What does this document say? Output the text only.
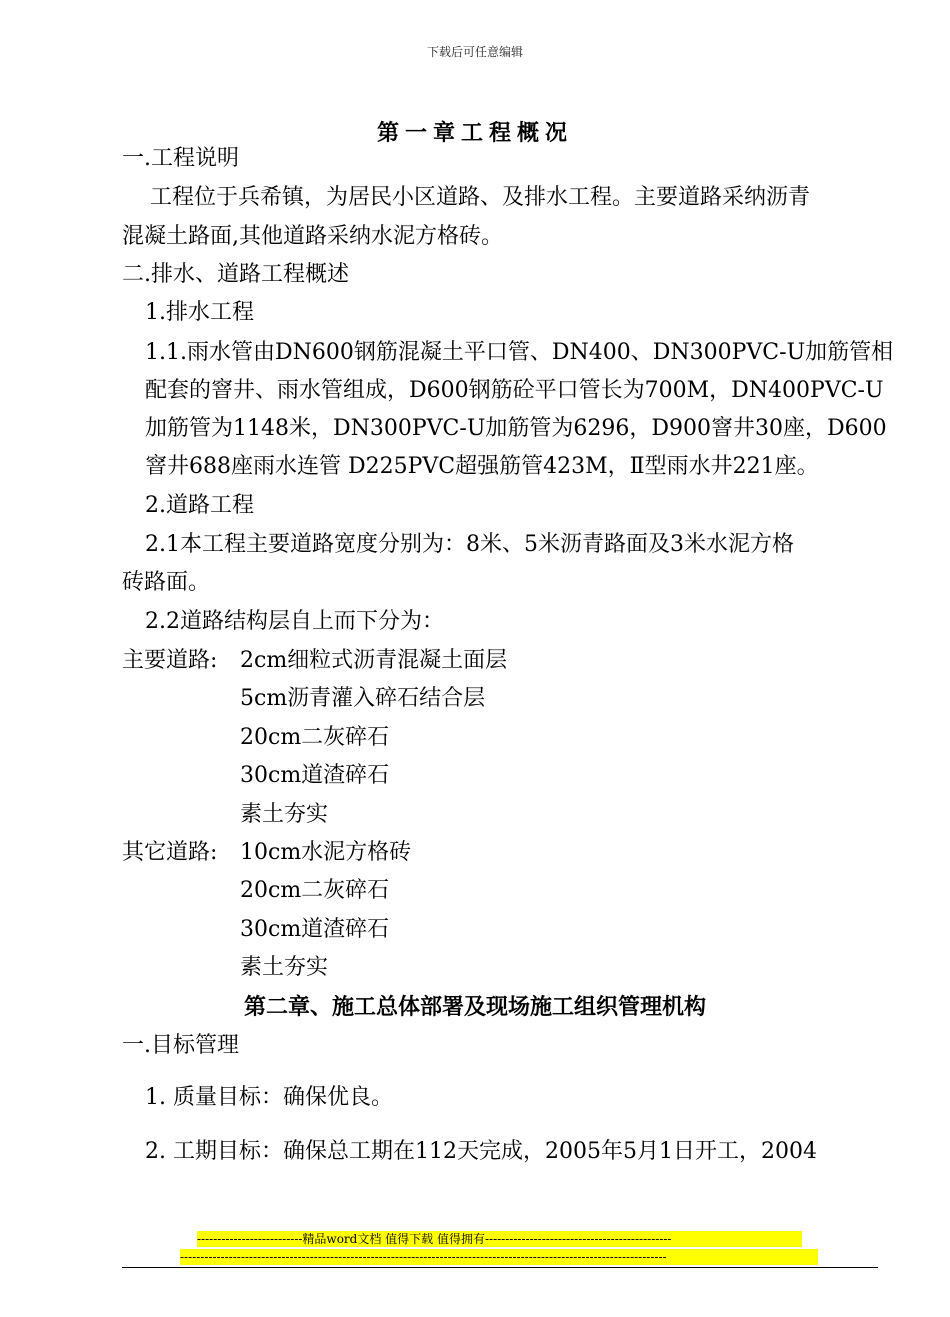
下载后可任意编辑
第一章工程概况
一.工程说明
工程位于兵希镇，为居民小区道路、及排水工程。主要道路采纳沥青
混凝土路面,其他道路采纳水泥方格砖。
二.排水、道路工程概述
1.排水工程
1.1.雨水管由DN600钢筋混凝土平口管、DN400、DN300PVC-U加筋管相
配套的窨井、雨水管组成，D600钢筋砼平口管长为700M，DN400PVC-U
加筋管为1148米，DN300PVC-U加筋管为6296，D900窨井30座，D600
窨井688座雨水连管 D225PVC超强筋管423M，Ⅱ型雨水井221座。
2.道路工程
2.1本工程主要道路宽度分别为：8米、5米沥青路面及3米水泥方格
砖路面。
2.2道路结构层自上而下分为：
主要道路: 2cm细粒式沥青混凝土面层
5cm沥青灌入碎石结合层
20cm二灰碎石
30cm道渣碎石
素土夯实
其它道路: 10cm水泥方格砖
20cm二灰碎石
30cm道渣碎石
素土夯实
第二章、施工总体部署及现场施工组织管理机构
一.目标管理
1. 质量目标：确保优良。
2. 工期目标：确保总工期在112天完成，2005年5月1日开工，2004
--------------------------精品word文档 值得下载 值得拥有----------------------------------------------
------------------------------------------------------------------------------------------------------------------------
